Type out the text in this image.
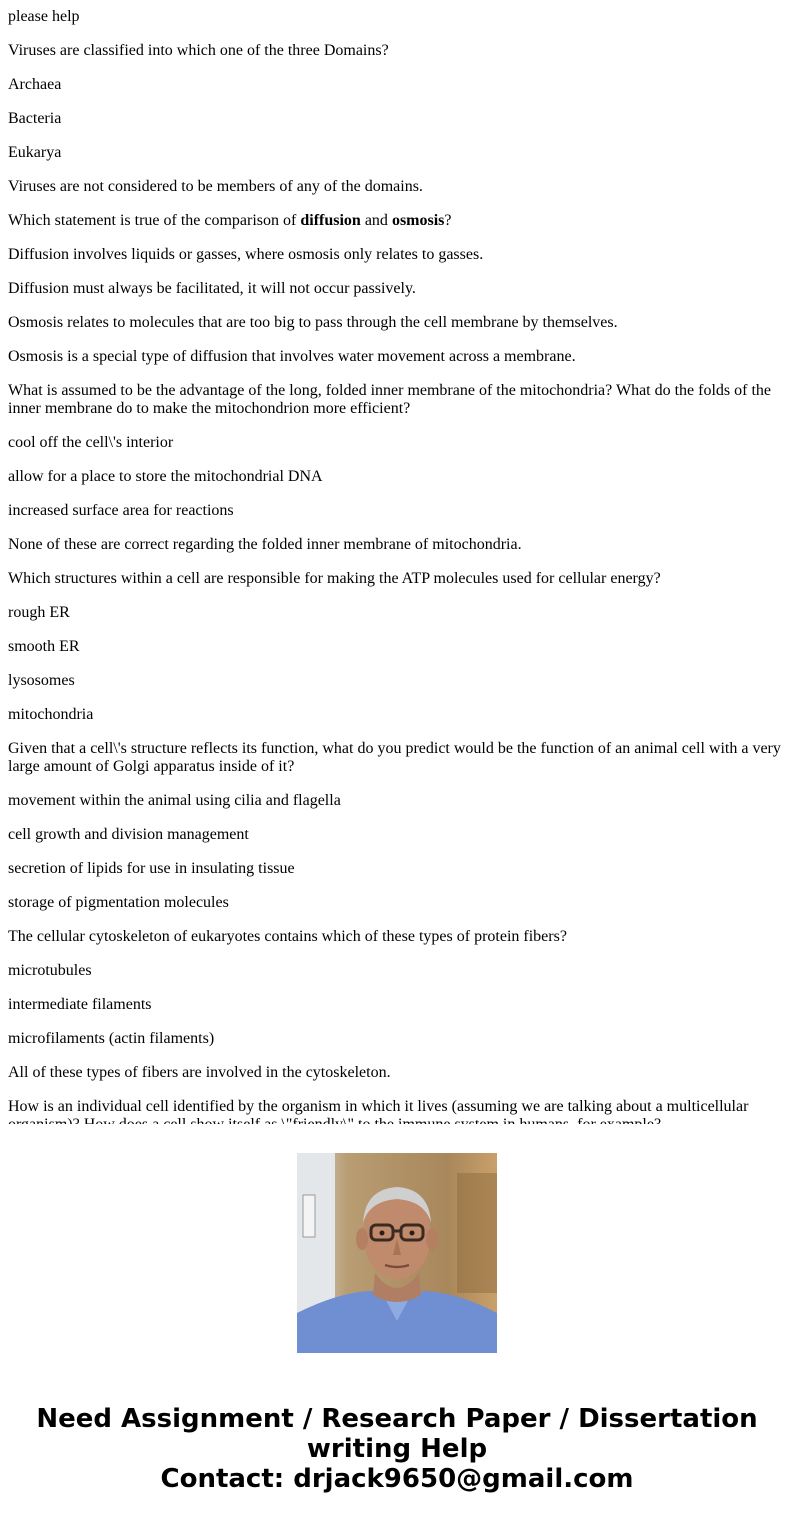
please help

Viruses are classified into which one of the three Domains?

Archaea

Bacteria

Eukarya

Viruses are not considered to be members of any of the domains.

Which statement is true of the comparison of diffusion and osmosis?

Diffusion involves liquids or gasses, where osmosis only relates to gasses.

Diffusion must always be facilitated, it will not occur passively.

Osmosis relates to molecules that are too big to pass through the cell membrane by themselves.

Osmosis is a special type of diffusion that involves water movement across a membrane.

What is assumed to be the advantage of the long, folded inner membrane of the mitochondria? What do the folds of the inner membrane do to make the mitochondrion more efficient?

cool off the cell\'s interior

allow for a place to store the mitochondrial DNA

increased surface area for reactions

None of these are correct regarding the folded inner membrane of mitochondria.

Which structures within a cell are responsible for making the ATP molecules used for cellular energy?

rough ER

smooth ER

lysosomes

mitochondria

Given that a cell\'s structure reflects its function, what do you predict would be the function of an animal cell with a very large amount of Golgi apparatus inside of it?

movement within the animal using cilia and flagella

cell growth and division management

secretion of lipids for use in insulating tissue

storage of pigmentation molecules

The cellular cytoskeleton of eukaryotes contains which of these types of protein fibers?

microtubules

intermediate filaments

microfilaments (actin filaments)

All of these types of fibers are involved in the cytoskeleton.

How is an individual cell identified by the organism in which it lives (assuming we are talking about a multicellular

Need Assignment / Research Paper / Dissertation writing Help
Contact: drjack9650@gmail.com
